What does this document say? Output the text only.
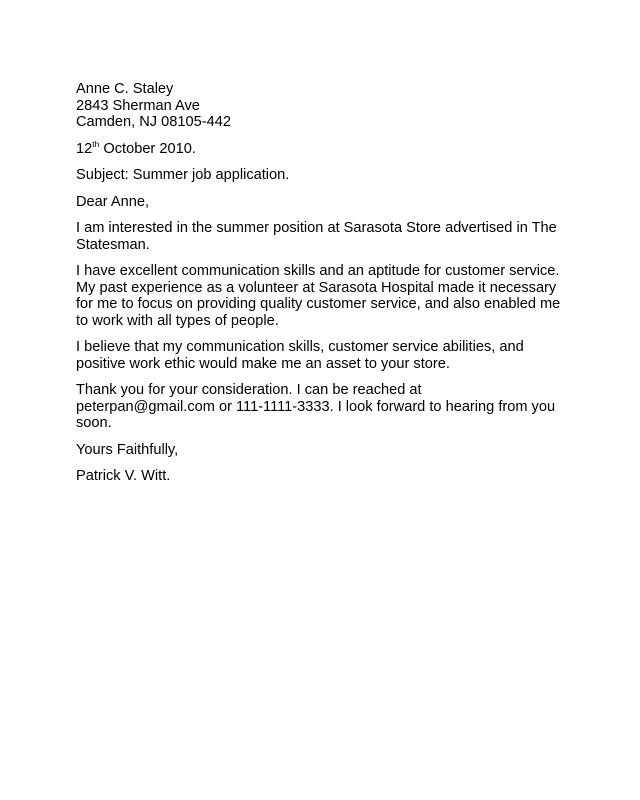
Anne C. Staley
2843 Sherman Ave
Camden, NJ 08105-442
12th October 2010.
Subject: Summer job application.
Dear Anne,
I am interested in the summer position at Sarasota Store advertised in The
Statesman.
I have excellent communication skills and an aptitude for customer service.
My past experience as a volunteer at Sarasota Hospital made it necessary
for me to focus on providing quality customer service, and also enabled me
to work with all types of people.
I believe that my communication skills, customer service abilities, and
positive work ethic would make me an asset to your store.
Thank you for your consideration. I can be reached at
peterpan@gmail.com or 111-1111-3333. I look forward to hearing from you
soon.
Yours Faithfully,
Patrick V. Witt.
